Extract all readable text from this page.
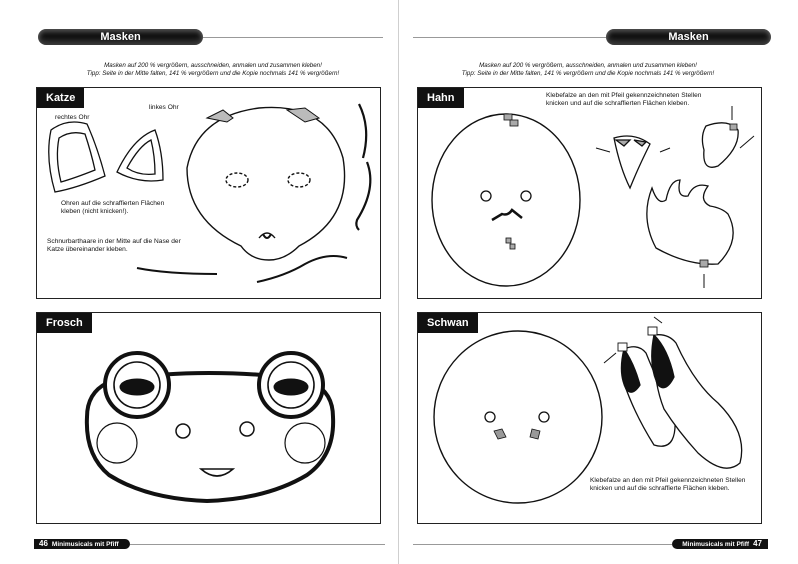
Masken
Masken auf 200 % vergrößern, ausschneiden, anmalen und zusammen kleben!
Tipp: Seite in der Mitte falten, 141 % vergrößern und die Kopie nochmals 141 % vergrößern!
Katze
rechtes Ohr
linkes Ohr
Ohren auf die schraffierten Flächen kleben (nicht knicken!).
Schnurbarthaare in der Mitte auf die Nase der Katze übereinander kleben.
Frosch
46 Minimusicals mit Pfiff
Masken
Masken auf 200 % vergrößern, ausschneiden, anmalen und zusammen kleben!
Tipp: Seite in der Mitte falten, 141 % vergrößern und die Kopie nochmals 141 % vergrößern!
Hahn	Klebefalze an den mit Pfeil gekennzeichneten Stellen knicken und auf die schraffierten Flächen kleben.
Schwan
Klebefalze an den mit Pfeil gekennzeichneten Stellen knicken und auf die schraffierte Flächen kleben.
Minimusicals mit Pfiff 47
